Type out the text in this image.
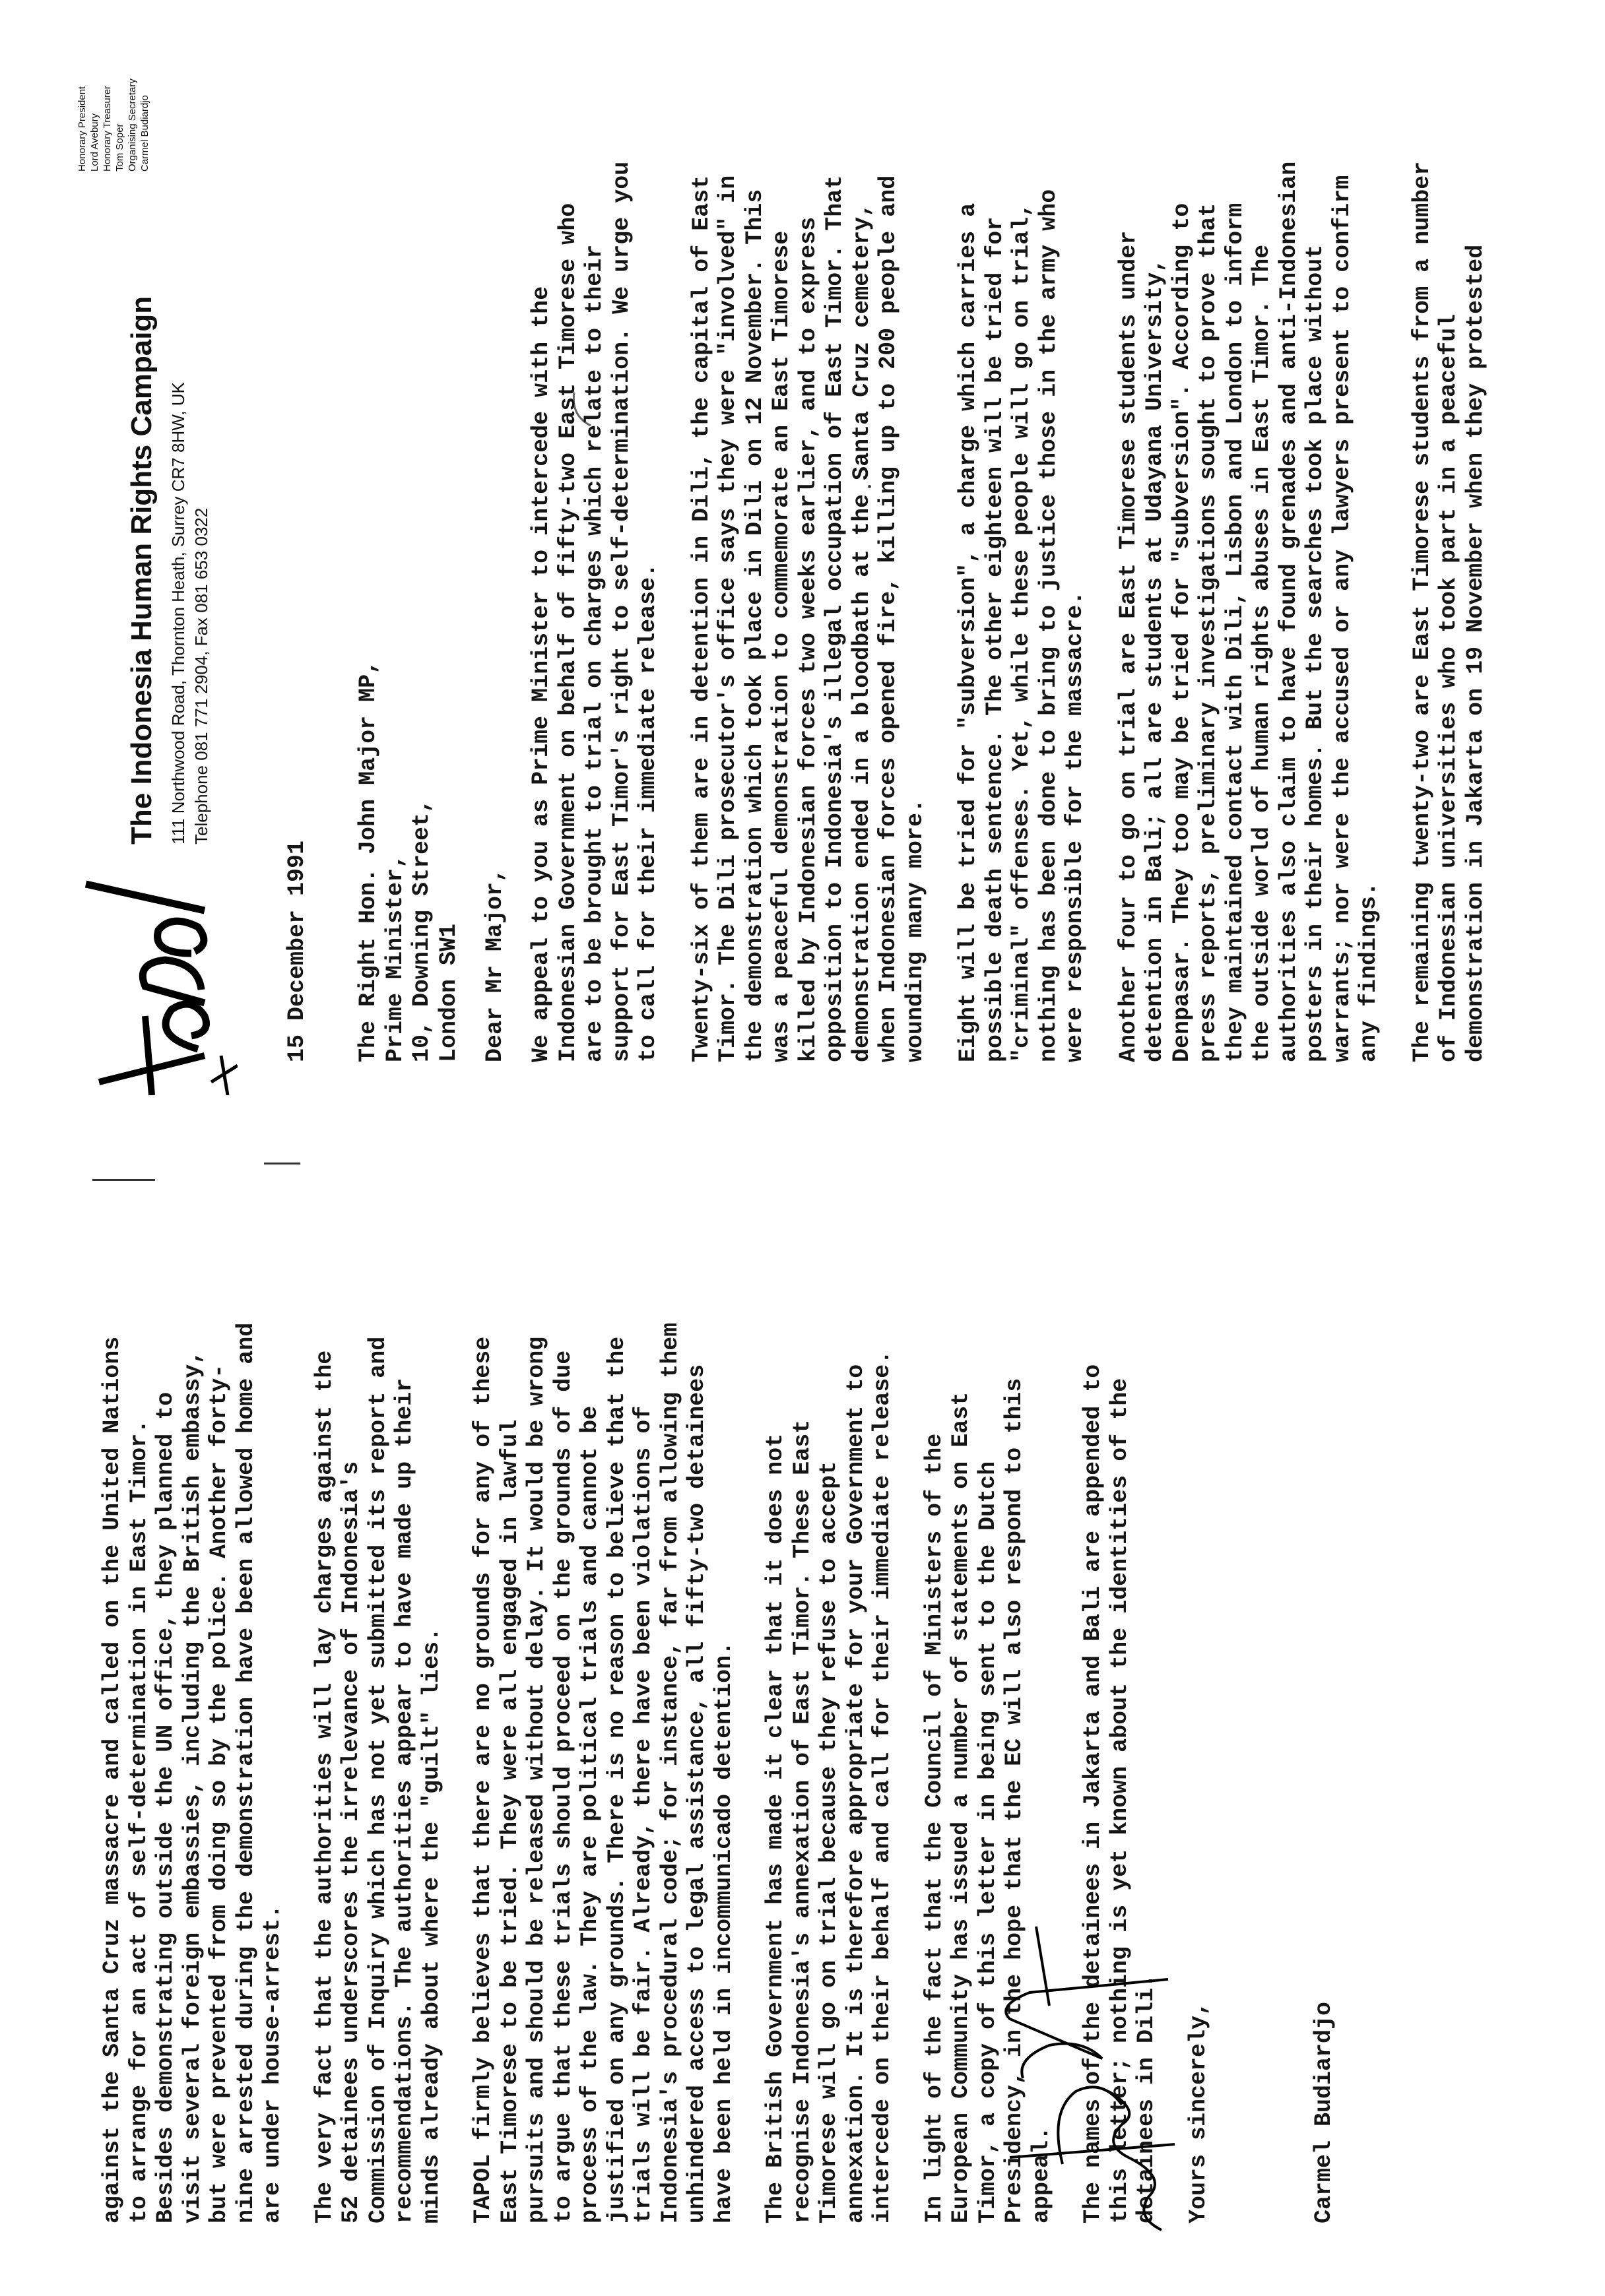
The Indonesia Human Rights Campaign 111 Northwood Road, Thornton Heath, Surrey CR7 8HW, UK Telephone 081 771 2904, Fax 081 653 0322
Honorary President Lord Avebury Honorary Treasurer Tom Soper Organising Secretary Carmel Budiardjo
15 December 1991 The Right Hon. John Major MP,
Prime Minister,
10, Downing Street,
London SW1 Dear Mr Major, We appeal to you as Prime Minister to intercede with the
Indonesian Government on behalf of fifty-two East Timorese who
are to be brought to trial on charges which relate to their
support for East Timor's right to self-determination. We urge you
to call for their immediate release.

Twenty-six of them are in detention in Dili, the capital of East
Timor. The Dili prosecutor's office says they were "involved" in
the demonstration which took place in Dili on 12 November. This
was a peaceful demonstration to commemorate an East Timorese
killed by Indonesian forces two weeks earlier, and to express
opposition to Indonesia's illegal occupation of East Timor. That
demonstration ended in a bloodbath at the Santa Cruz cemetery,
when Indonesian forces opened fire, killing up to 200 people and
wounding many more.

Eight will be tried for "subversion", a charge which carries a
possible death sentence. The other eighteen will be tried for
"criminal" offenses. Yet, while these people will go on trial,
nothing has been done to bring to justice those in the army who
were responsible for the massacre.

Another four to go on trial are East Timorese students under
detention in Bali; all are students at Udayana University,
Denpasar. They too may be tried for "subversion". According to
press reports, preliminary investigations sought to prove that
they maintained contact with Dili, Lisbon and London to inform
the outside world of human rights abuses in East Timor. The
authorities also claim to have found grenades and anti-Indonesian
posters in their homes. But the searches took place without
warrants; nor were the accused or any lawyers present to confirm
any findings.

The remaining twenty-two are East Timorese students from a number
of Indonesian universities who took part in a peaceful
demonstration in Jakarta on 19 November when they protested

against the Santa Cruz massacre and called on the United Nations
to arrange for an act of self-determination in East Timor.
Besides demonstrating outside the UN office, they planned to
visit several foreign embassies, including the British embassy,
but were prevented from doing so by the police. Another forty-
nine arrested during the demonstration have been allowed home and
are under house-arrest.

The very fact that the authorities will lay charges against the
52 detainees underscores the irrelevance of Indonesia's
Commission of Inquiry which has not yet submitted its report and
recommendations. The authorities appear to have made up their
minds already about where the "guilt" lies.

TAPOL firmly believes that there are no grounds for any of these
East Timorese to be tried. They were all engaged in lawful
pursuits and should be released without delay. It would be wrong
to argue that these trials should proceed on the grounds of due
process of the law. They are political trials and cannot be
justified on any grounds. There is no reason to believe that the
trials will be fair. Already, there have been violations of
Indonesia's procedural code; for instance, far from allowing them
unhindered access to legal assistance, all fifty-two detainees
have been held in incommunicado detention.

The British Government has made it clear that it does not
recognise Indonesia's annexation of East Timor. These East
Timorese will go on trial because they refuse to accept
annexation. It is therefore appropriate for your Government to
intercede on their behalf and call for their immediate release.

In light of the fact that the Council of Ministers of the
European Community has issued a number of statements on East
Timor, a copy of this letter in being sent to the Dutch
Presidency, in the hope that the EC will also respond to this
appeal. The names of the detainees in Jakarta and Bali are appended to
this letter; nothing is yet known about the identities of the
detainees in Dili. Yours sincerely,	Carmel Budiardjo
